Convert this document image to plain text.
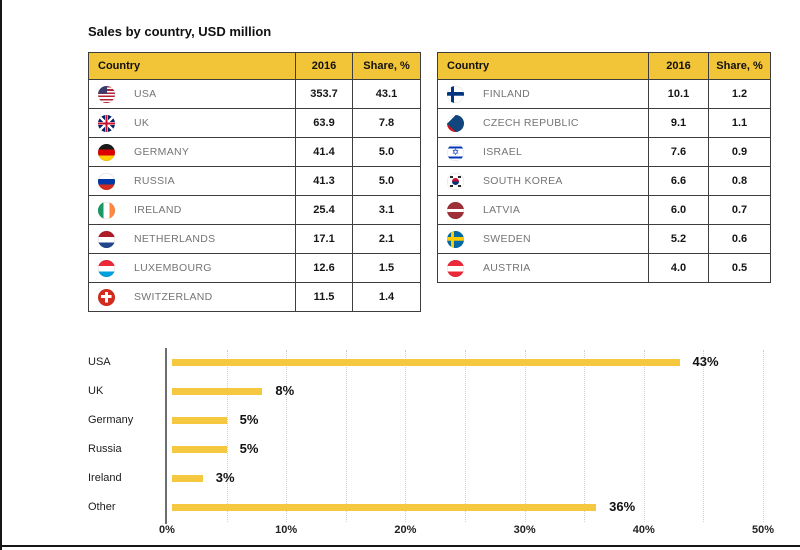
Sales by country, USD million
Country	2016	Share, %

USA	353.7	43.1

UK	63.9	7.8

GERMANY	41.4	5.0

RUSSIA	41.3	5.0

IRELAND	25.4	3.1

NETHERLANDS	17.1	2.1

LUXEMBOURG	12.6	1.5

SWITZERLAND	11.5	1.4
Country	2016	Share, %

FINLAND	10.1	1.2

CZECH REPUBLIC	9.1	1.1

✡
ISRAEL	7.6	0.9

SOUTH KOREA	6.6	0.8

LATVIA	6.0	0.7

SWEDEN	5.2	0.6

AUSTRIA	4.0	0.5
USA	43%
UK	8%
Germany	5%
Russia	5%
Ireland	3%
Other	36%
0%	10%	20%	30%	40%	50%
